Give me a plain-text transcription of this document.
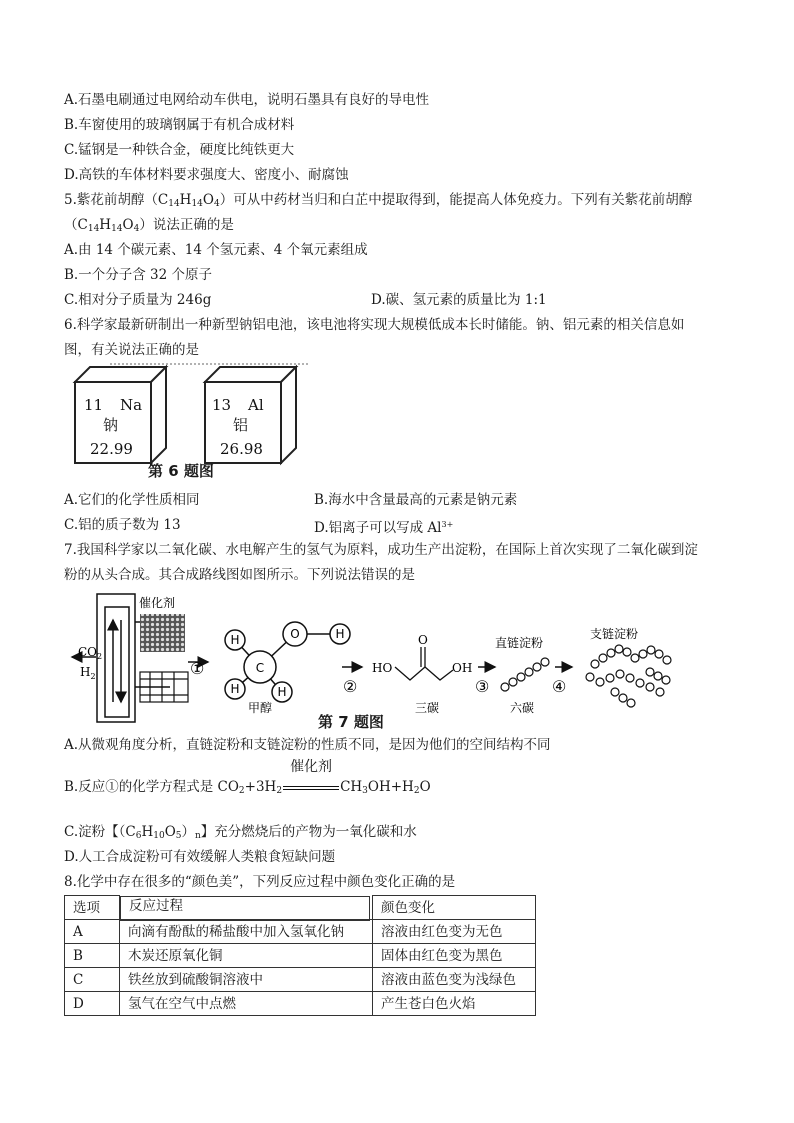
A.石墨电刷通过电网给动车供电，说明石墨具有良好的导电性
B.车窗使用的玻璃钢属于有机合成材料
C.锰钢是一种铁合金，硬度比纯铁更大
D.高铁的车体材料要求强度大、密度小、耐腐蚀
5.紫花前胡醇$(C_{14}H_{14}O_4)$可从中药材当归和白芷中提取得到，能提高人体免疫力。下列有关紫花前胡醇
$(C_{14}H_{14}O_4)$说法正确的是
A.由 14 个碳元素、14 个氢元素、4 个氧元素组成
B.一个分子含 32 个原子
C.相对分子质量为 246g	D.碳、氢元素的质量比为 1:1
6.科学家最新研制出一种新型钠铝电池，该电池将实现大规模低成本长时储能。钠、铝元素的相关信息如
图，有关说法正确的是
11 Na
钠
22.99
13 Al
铝
26.98
第 6 题图
A.它们的化学性质相同	B.海水中含量最高的元素是钠元素
C.铝的质子数为 13	D.铝离子可以写成 $Al^{3+}$
7.我国科学家以二氧化碳、水电解产生的氢气为原料，成功生产出淀粉，在国际上首次实现了二氧化碳到淀
粉的从头合成。其合成路线图如图所示。下列说法错误的是
催化剂
$CO_2$
$H_2$	①	C
H	O	H
H	H
甲醇
②
HO	OH
O
三碳
③
直链淀粉
六碳
④
支链淀粉
第 7 题图
A.从微观角度分析，直链淀粉和支链淀粉的性质不同，是因为他们的空间结构不同
B.反应①的化学方程式是 $CO_2+3H_2$
催化剂
$CH_3OH+H_2O$
C.淀粉【$(C_6H_{10}O_5)_n$】充分燃烧后的产物为一氧化碳和水
D.人工合成淀粉可有效缓解人类粮食短缺问题
8.化学中存在很多的“颜色美”，下列反应过程中颜色变化正确的是
选项		反应过程	颜色变化
A	向滴有酚酞的稀盐酸中加入氢氧化钠	溶液由红色变为无色
B	木炭还原氧化铜	固体由红色变为黑色
C	铁丝放到硫酸铜溶液中	溶液由蓝色变为浅绿色
D	氢气在空气中点燃	产生苍白色火焰
